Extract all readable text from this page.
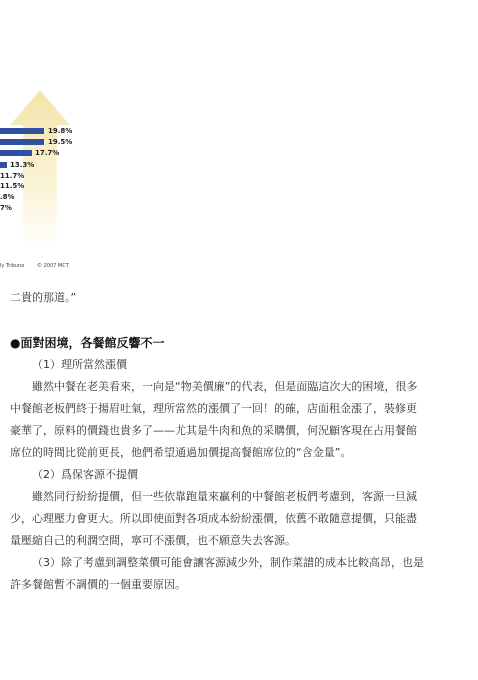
19.8%
19.5%
17.7%
13.3%
11.7%
11.5%
.8%
7%
ly Tribune	© 2007 MCT
二貴的那道。”
●面對困境，各餐館反響不一
（1）理所當然漲價
雖然中餐在老美看來，一向是“物美價廉”的代表，但是面臨這次大的困境，很多中餐館老板們終于揚眉吐氣，理所當然的漲價了一回！的確，店面租金漲了，裝修更豪華了，原料的價錢也貴多了——尤其是牛肉和魚的采購價，何況顧客現在占用餐館席位的時間比從前更長，他們希望通過加價提高餐館席位的“含金量”。
（2）爲保客源不提價
雖然同行紛紛提價，但一些依靠跑量來贏利的中餐館老板們考慮到，客源一旦減少，心理壓力會更大。所以即使面對各項成本紛紛漲價，依舊不敢隨意提價，只能盡量壓縮自己的利潤空間，寧可不漲價，也不願意失去客源。
（3）除了考慮到調整菜價可能會讓客源減少外，制作菜譜的成本比較高昂，也是許多餐館暫不調價的一個重要原因。
